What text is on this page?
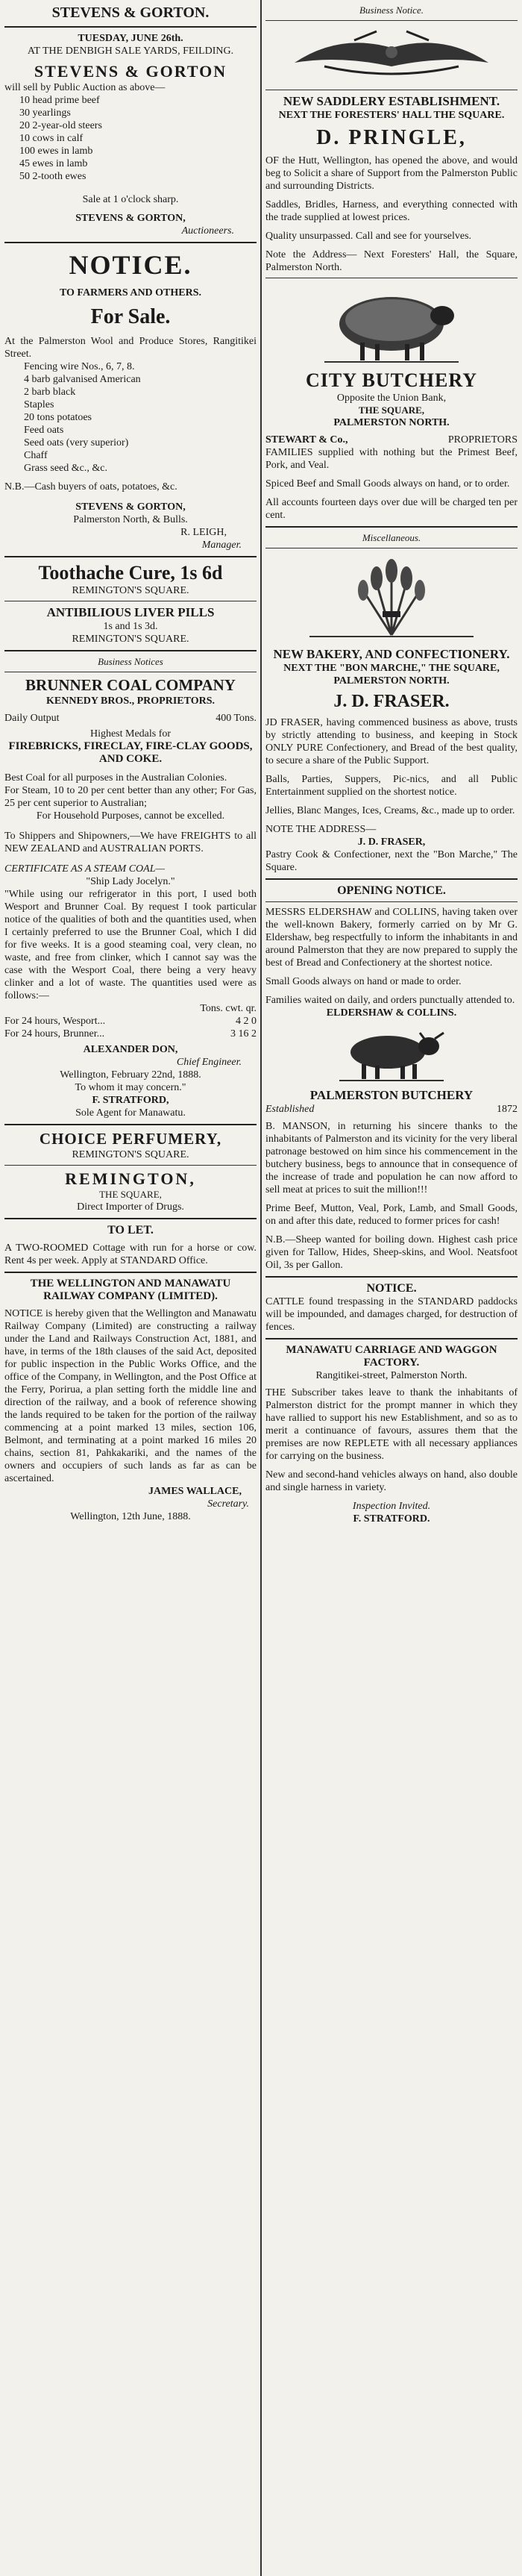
STEVENS & GORTON.

TUESDAY, JUNE 26th.

AT THE DENBIGH SALE YARDS, FEILDING.

STEVENS & GORTON

will sell by Public Auction as above—

10 head prime beef

30 yearlings

20 2-year-old steers

10 cows in calf

100 ewes in lamb

45 ewes in lamb

50 2-tooth ewes

Sale at 1 o'clock sharp.

STEVENS & GORTON,

Auctioneers.

NOTICE.

TO FARMERS AND OTHERS.

For Sale.

At the Palmerston Wool and Produce Stores, Rangitikei Street.

Fencing wire Nos., 6, 7, 8.

4 barb galvanised American

2 barb black

Staples

20 tons potatoes

Feed oats

Seed oats (very superior)

Chaff

Grass seed &c., &c.

N.B.—Cash buyers of oats, potatoes, &c.

STEVENS & GORTON,

Palmerston North, & Bulls.

R. LEIGH,

Manager.

Toothache Cure, 1s 6d

REMINGTON'S SQUARE.

ANTIBILIOUS LIVER PILLS

1s and 1s 3d.

REMINGTON'S SQUARE.

Business Notices

BRUNNER COAL COMPANY

KENNEDY BROS., PROPRIETORS.

Daily Output	400 Tons.

Highest Medals for

FIREBRICKS, FIRECLAY, FIRE-CLAY GOODS, AND COKE.

Best Coal for all purposes in the Australian Colonies.

For Steam, 10 to 20 per cent better than any other; For Gas, 25 per cent superior to Australian;

For Household Purposes, cannot be excelled.

To Shippers and Shipowners,—We have FREIGHTS to all NEW ZEALAND and AUSTRALIAN PORTS.

CERTIFICATE AS A STEAM COAL—

"Ship Lady Jocelyn."

"While using our refrigerator in this port, I used both Wesport and Brunner Coal. By request I took particular notice of the qualities of both and the quantities used, when I certainly preferred to use the Brunner Coal, which I did for five weeks. It is a good steaming coal, very clean, no waste, and free from clinker, which I cannot say was the case with the Wesport Coal, there being a very heavy clinker and a lot of waste. The quantities used were as follows:—

Tons. cwt. qr.

For 24 hours, Wesport...	4 2 0
For 24 hours, Brunner...	3 16 2

ALEXANDER DON,

Chief Engineer.

Wellington, February 22nd, 1888.

To whom it may concern."

F. STRATFORD,

Sole Agent for Manawatu.

CHOICE PERFUMERY,

REMINGTON'S SQUARE.

REMINGTON,

THE SQUARE,

Direct Importer of Drugs.

TO LET.

A TWO-ROOMED Cottage with run for a horse or cow. Rent 4s per week. Apply at STANDARD Office.

THE WELLINGTON AND MANAWATU RAILWAY COMPANY (LIMITED).

NOTICE is hereby given that the Wellington and Manawatu Railway Company (Limited) are constructing a railway under the Land and Railways Construction Act, 1881, and have, in terms of the 18th clauses of the said Act, deposited for public inspection in the Public Works Office, and the office of the Company, in Wellington, and the Post Office at the Ferry, Porirua, a plan setting forth the middle line and direction of the railway, and a book of reference showing the lands required to be taken for the portion of the railway commencing at a point marked 13 miles, section 106, Belmont, and terminating at a point marked 16 miles 20 chains, section 81, Pahkakariki, and the names of the owners and occupiers of such lands as far as can be ascertained.

JAMES WALLACE,

Secretary.

Wellington, 12th June, 1888.

Business Notice.

NEW SADDLERY ESTABLISHMENT.

NEXT THE FORESTERS' HALL THE SQUARE.

D. PRINGLE,

OF the Hutt, Wellington, has opened the above, and would beg to Solicit a share of Support from the Palmerston Public and surrounding Districts.

Saddles, Bridles, Harness, and everything connected with the trade supplied at lowest prices.

Quality unsurpassed. Call and see for yourselves.

Note the Address— Next Foresters' Hall, the Square, Palmerston North.

CITY BUTCHERY

Opposite the Union Bank,

THE SQUARE,

PALMERSTON NORTH.

STEWART & Co.,	PROPRIETORS

FAMILIES supplied with nothing but the Primest Beef, Pork, and Veal.

Spiced Beef and Small Goods always on hand, or to order.

All accounts fourteen days over due will be charged ten per cent.

Miscellaneous.

NEW BAKERY, AND CONFECTIONERY.

NEXT THE "BON MARCHE," THE SQUARE, PALMERSTON NORTH.

J. D. FRASER.

JD FRASER, having commenced business as above, trusts by strictly attending to business, and keeping in Stock ONLY PURE Confectionery, and Bread of the best quality, to secure a share of the Public Support.

Balls, Parties, Suppers, Pic-nics, and all Public Entertainment supplied on the shortest notice.

Jellies, Blanc Manges, Ices, Creams, &c., made up to order.

NOTE THE ADDRESS—

J. D. FRASER,

Pastry Cook & Confectioner, next the "Bon Marche," The Square.

OPENING NOTICE.

MESSRS ELDERSHAW and COLLINS, having taken over the well-known Bakery, formerly carried on by Mr G. Eldershaw, beg respectfully to inform the inhabitants in and around Palmerston that they are now prepared to supply the best of Bread and Confectionery at the shortest notice.

Small Goods always on hand or made to order.

Families waited on daily, and orders punctually attended to.

ELDERSHAW & COLLINS.

PALMERSTON BUTCHERY

Established	1872

B. MANSON, in returning his sincere thanks to the inhabitants of Palmerston and its vicinity for the very liberal patronage bestowed on him since his commencement in the butchery business, begs to announce that in consequence of the increase of trade and population he can now afford to sell meat at prices to suit the million!!!

Prime Beef, Mutton, Veal, Pork, Lamb, and Small Goods, on and after this date, reduced to former prices for cash!

N.B.—Sheep wanted for boiling down. Highest cash price given for Tallow, Hides, Sheep-skins, and Wool. Neatsfoot Oil, 3s per Gallon.

NOTICE.

CATTLE found trespassing in the STANDARD paddocks will be impounded, and damages charged, for destruction of fences.

MANAWATU CARRIAGE AND WAGGON FACTORY.

Rangitikei-street, Palmerston North.

THE Subscriber takes leave to thank the inhabitants of Palmerston district for the prompt manner in which they have rallied to support his new Establishment, and so as to merit a continuance of favours, assures them that the premises are now REPLETE with all necessary appliances for carrying on the business.

New and second-hand vehicles always on hand, also double and single harness in variety.

Inspection Invited.

F. STRATFORD.
